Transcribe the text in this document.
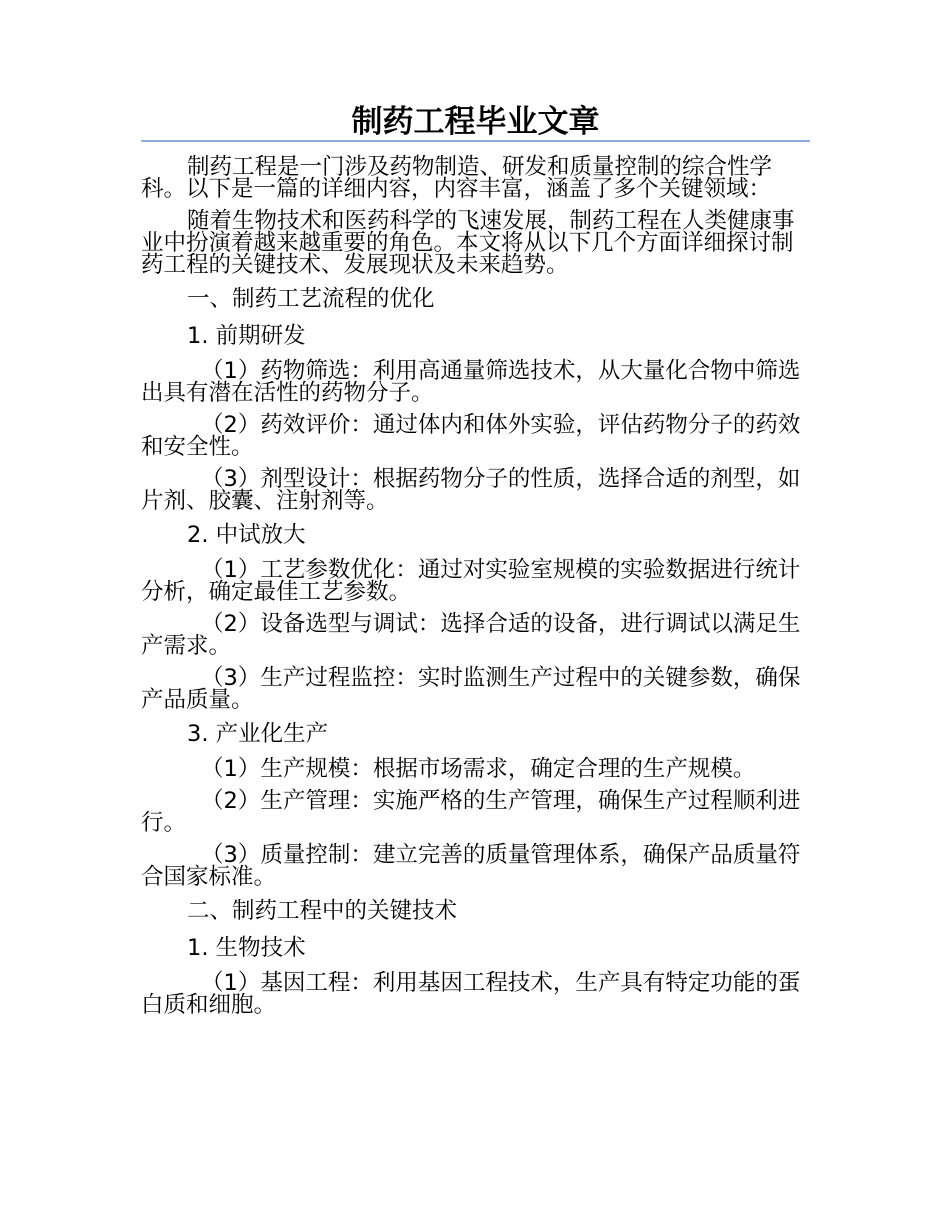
制药工程毕业文章

制药工程是一门涉及药物制造、研发和质量控制的综合性学科。以下是一篇的详细内容，内容丰富，涵盖了多个关键领域：

随着生物技术和医药科学的飞速发展，制药工程在人类健康事业中扮演着越来越重要的角色。本文将从以下几个方面详细探讨制药工程的关键技术、发展现状及未来趋势。

一、制药工艺流程的优化

1. 前期研发

（1）药物筛选：利用高通量筛选技术，从大量化合物中筛选出具有潜在活性的药物分子。

（2）药效评价：通过体内和体外实验，评估药物分子的药效和安全性。

（3）剂型设计：根据药物分子的性质，选择合适的剂型，如片剂、胶囊、注射剂等。

2. 中试放大

（1）工艺参数优化：通过对实验室规模的实验数据进行统计分析，确定最佳工艺参数。

（2）设备选型与调试：选择合适的设备，进行调试以满足生产需求。

（3）生产过程监控：实时监测生产过程中的关键参数，确保产品质量。

3. 产业化生产

（1）生产规模：根据市场需求，确定合理的生产规模。

（2）生产管理：实施严格的生产管理，确保生产过程顺利进行。

（3）质量控制：建立完善的质量管理体系，确保产品质量符合国家标准。

二、制药工程中的关键技术

1. 生物技术

（1）基因工程：利用基因工程技术，生产具有特定功能的蛋白质和细胞。
